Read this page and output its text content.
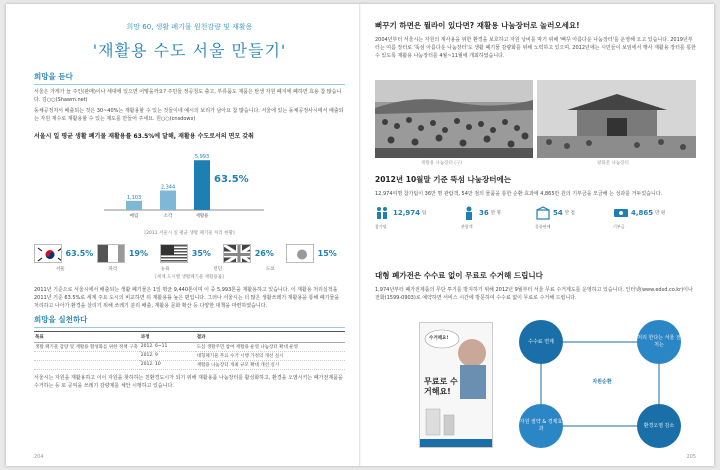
희망 60, 생활 폐기물 원천감량 및 재활용
'재활용 수도 서울 만들기'
희망을 듣다

서울은 가게가 늘 주인(판매)이나 세대에 있으면 어떻을까요? 주민들 정공청도 출고, 부류품도 재품은 탄생 자원 폐지에 폐하면 효용 참 많습니다. 김○○(Shawm.net)

동체공정처서 배출되는 것은 30~40%는 재활용할 수 있는 것들이네 예시의 보리가 남아요 참 많습니다. 서울에 있는 동체공정사시에서 배출되는 자원 재수로 재활용할 수 있는 제도를 만들어 주세요. 원○○(cnsdowx)

서울시 일 평균 생활 폐기물 재활용률 63.5%에 달해, 재활용 수도로서의 면모 갖춰
1,103
매립
2,344
소각
5,993
재활용
63.5%
[2011 서울시 일 평균 생활 폐기물 처리 현황]
63.5%	19%	35%	26%	15%
서울	파리	뉴욕	런던	도쿄
[세계 도시별 생활폐기물 재활용률]

2011년 기준으로 서울시에서 배출되는 생활 폐기물은 1일 평균 9,440톤이며 이 중 5,993톤을 재활용하고 있습니다. 이 재활용 처리실적을 2011년 기준 63.5%로 세계 주요 도시의 비교하면 뒤 재활용률 높은 편입니다. 그러나 서울시는 더 많은 생활쓰레기 재활용을 통해 폐기물을 처리하고 나아가 환경을 살리기 위해 쓰레기 분리 배출, 재활용 문화 확산 등 다양한 대책을 마련하였습니다.

희망을 실천하다
목표	과정	결과
생활 폐기물 감량 및 재활용 활성화를 위한 정책 구축	2012. 6~11	도심 생활주민 참여 재활용 운영 나눔장터 확대 운영
	2012. 9	대형폐기물 무료 수거 시행 가정의 개선 실시
	2012. 10	재활용 나눔장터 개최 규모 확대 개선 실시

서울시는 자원을 재활용하고 이이 자원을 찾하하는 친환경도시가 되기 위해 재활용품 나눔장터를 활성화하고, 환경을 오염시키는 폐가전제품을 수거하는 등 또 공익을 쓰레기 감량제를 체안 시행하고 있습니다.

204
뻐꾸기 하면은 뭘라이 있다면? 재활용 나눔장터로 놀러오세요!

2004년부터 서울시는 자원의 재사용을 위한 환경을 보호하고 자원 낭비를 막기 위해 '뻐꾸 아름다운 나눔장터'를 운영해 오고 있습니다. 2019년부터는 여름 장터로 '뚝섬 아름다운 나눔장터'도 생활 폐기물 감량화를 위해 노력하고 있으며, 2012년에는 시민들이 보임에서 행사 재활용 장터를 통한 수 있도록 재활용 나눔장터를 4월~11월에 개최하였습니다.

재활용 나눔장터 (구)	광화문 나눔장터
2012년 10월말 기준 뚝섬 나눔장터에는

12,974여명 참가팀이 36만 명 관람객, 54만 점의 물품을 통한 순환 효과에 4,865만 원의 기부금을 모금해 는 성과를 거두었습니다.

12,974 팀
참가팀
36 만 명
관람객
54 만 점
물품판매
4,865 만 원
기부금
대형 폐가전은 수수료 없이 무료로 수거해 드립니다

1,974년부터 폐가전제품의 무단 투기를 방지하기 위해 2012년 9월부터 서울 무료 수거제도를 운영하고 있습니다. 인터넷(www.edsd.co.kr)이나 전화(1599-0903)로 예약하면 서비스 시간에 방문하여 수수료 없이 무료로 수거해 드립니다.

수거해요!
무료로 수거해요!
수수료 면제
처리 한다는 서울 전처는
자원 절약 & 경제효과
환경오염 감소
자원순환
205
